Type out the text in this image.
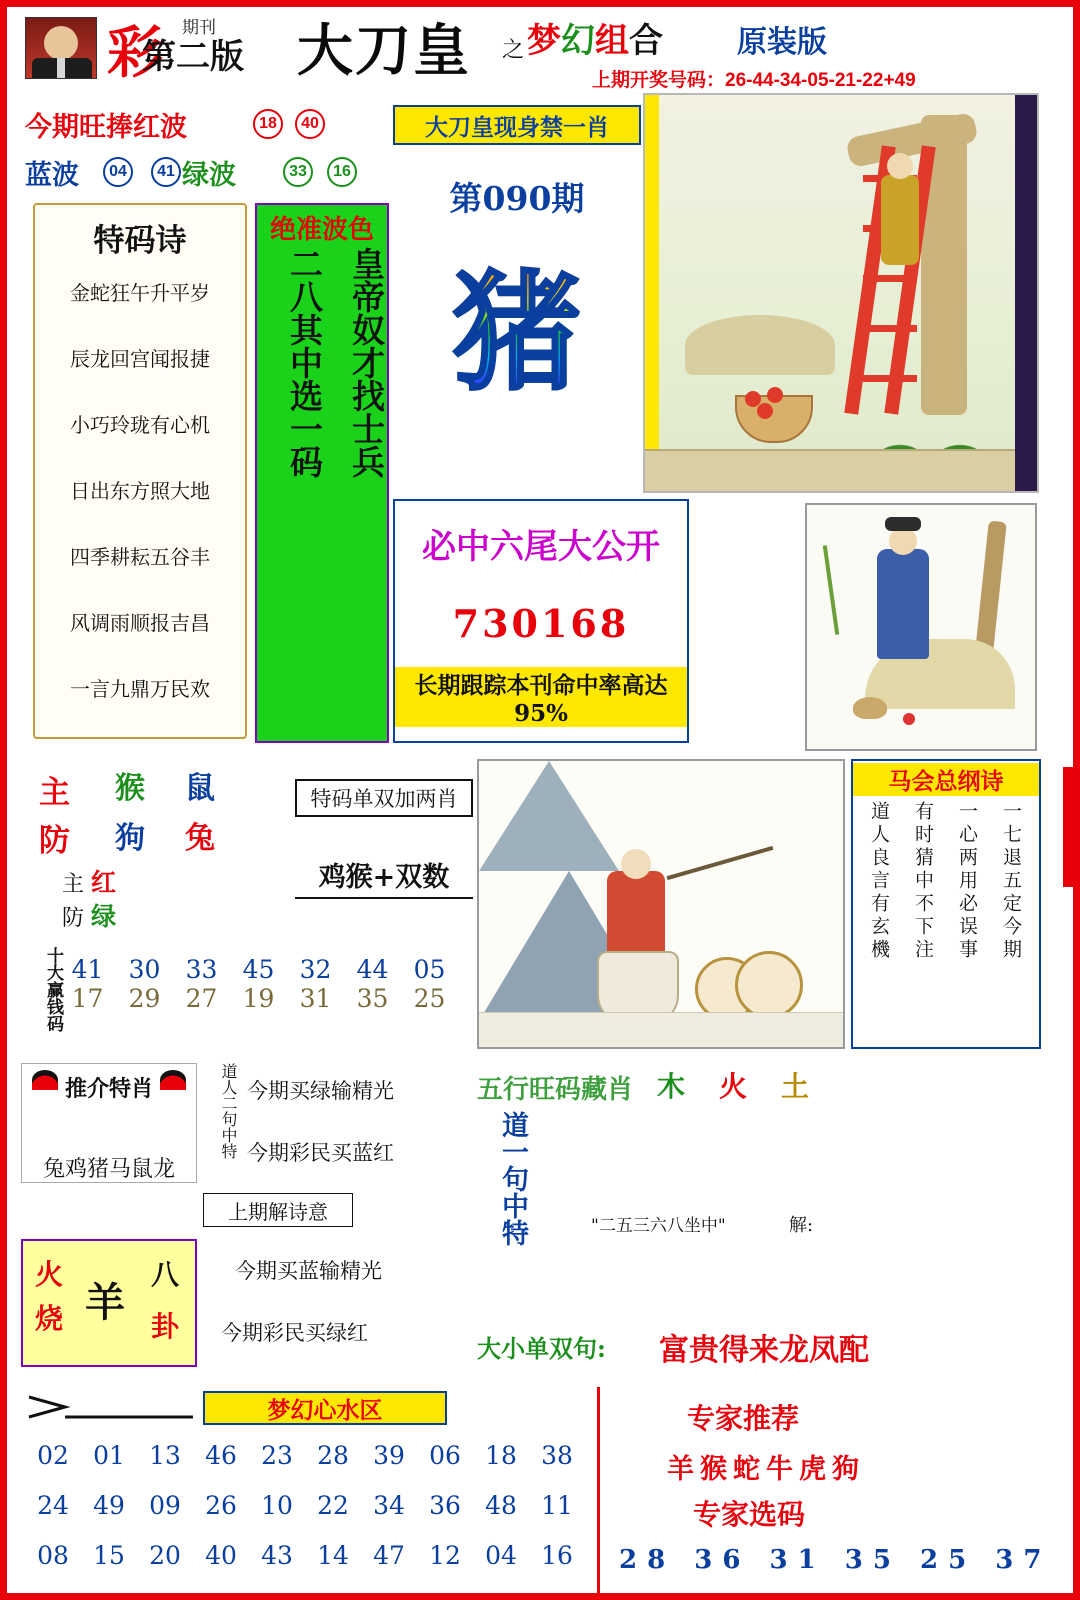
彩 期刊
第二版 大刀皇 之 梦幻组合 原装版
上期开奖号码：26-44-34-05-21-22+49
今期旺捧红波	18	40
蓝波	04	41 绿波	33	16
特码诗
金蛇狂午升平岁
辰龙回宫闻报捷
小巧玲珑有心机
日出东方照大地
四季耕耘五谷丰
风调雨顺报吉昌
一言九鼎万民欢
绝准波色
二八其中选一码 皇帝奴才找士兵
大刀皇现身禁一肖
第090期
猪
必中六尾大公开
730168
长期跟踪本刊命中率高达95%
主
防
猴 鼠
狗 兔
主 红
防 绿
十大赢钱码 41	30	33	45	32	44	05
17	29	27	19	31	35	25
特码单双加两肖
鸡猴+双数
马会总纲诗
一七退五定今期
一心两用必误事
有时猜中不下注
道人良言有玄機
推介特肖
兔鸡猪马鼠龙
火
烧
八
卦
羊
道人二句中特 今期买绿输精光
今期彩民买蓝红
上期解诗意
今期买蓝输精光
今期彩民买绿红
五行旺码藏肖 木 火 土
道一句中特	"二五三六八坐中"	解:
大小单双句: 富贵得来龙凤配
梦幻心水区
02 01 13 46 23 28 39 06 18 38
24 49 09 26 10 22 34 36 48 11
08 15 20 40 43 14 47 12 04 16
专家推荐
羊猴蛇牛虎狗
专家选码
28 36 31 35 25 37
